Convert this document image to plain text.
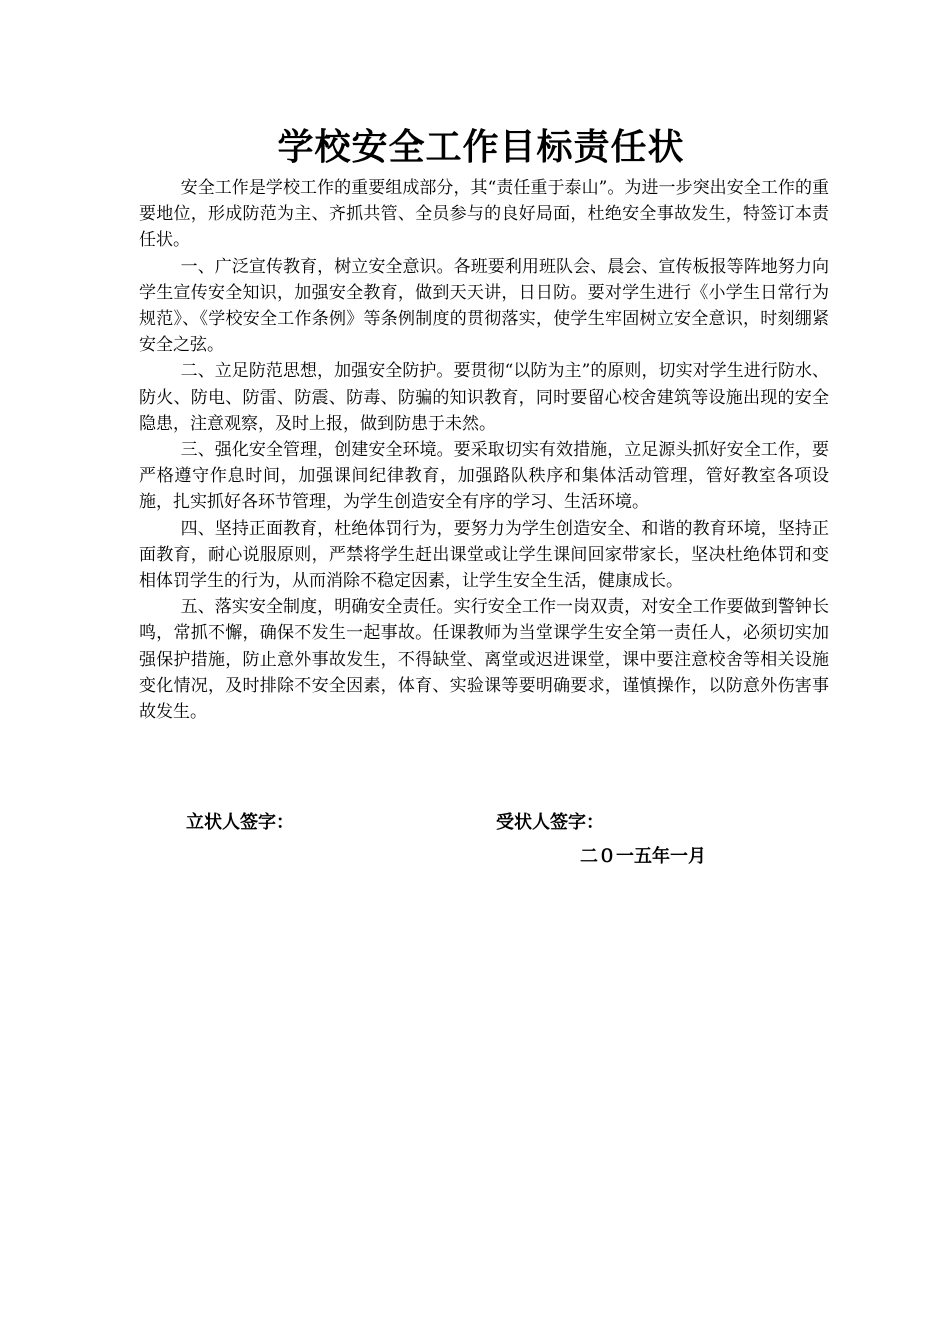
学校安全工作目标责任状

安全工作是学校工作的重要组成部分，其“责任重于泰山”。为进一步突出安全工作的重要地位，形成防范为主、齐抓共管、全员参与的良好局面，杜绝安全事故发生，特签订本责任状。

一、广泛宣传教育，树立安全意识。各班要利用班队会、晨会、宣传板报等阵地努力向学生宣传安全知识，加强安全教育，做到天天讲，日日防。要对学生进行《小学生日常行为规范》、《学校安全工作条例》等条例制度的贯彻落实，使学生牢固树立安全意识，时刻绷紧安全之弦。

二、立足防范思想，加强安全防护。要贯彻“以防为主”的原则，切实对学生进行防水、防火、防电、防雷、防震、防毒、防骗的知识教育，同时要留心校舍建筑等设施出现的安全隐患，注意观察，及时上报，做到防患于未然。

三、强化安全管理，创建安全环境。要采取切实有效措施，立足源头抓好安全工作，要严格遵守作息时间，加强课间纪律教育，加强路队秩序和集体活动管理，管好教室各项设施，扎实抓好各环节管理，为学生创造安全有序的学习、生活环境。

四、坚持正面教育，杜绝体罚行为，要努力为学生创造安全、和谐的教育环境，坚持正面教育，耐心说服原则，严禁将学生赶出课堂或让学生课间回家带家长，坚决杜绝体罚和变相体罚学生的行为，从而消除不稳定因素，让学生安全生活，健康成长。

五、落实安全制度，明确安全责任。实行安全工作一岗双责，对安全工作要做到警钟长鸣，常抓不懈，确保不发生一起事故。任课教师为当堂课学生安全第一责任人，必须切实加强保护措施，防止意外事故发生，不得缺堂、离堂或迟进课堂，课中要注意校舍等相关设施变化情况，及时排除不安全因素，体育、实验课等要明确要求，谨慎操作，以防意外伤害事故发生。

立状人签字：	受状人签字：
二０一五年一月
